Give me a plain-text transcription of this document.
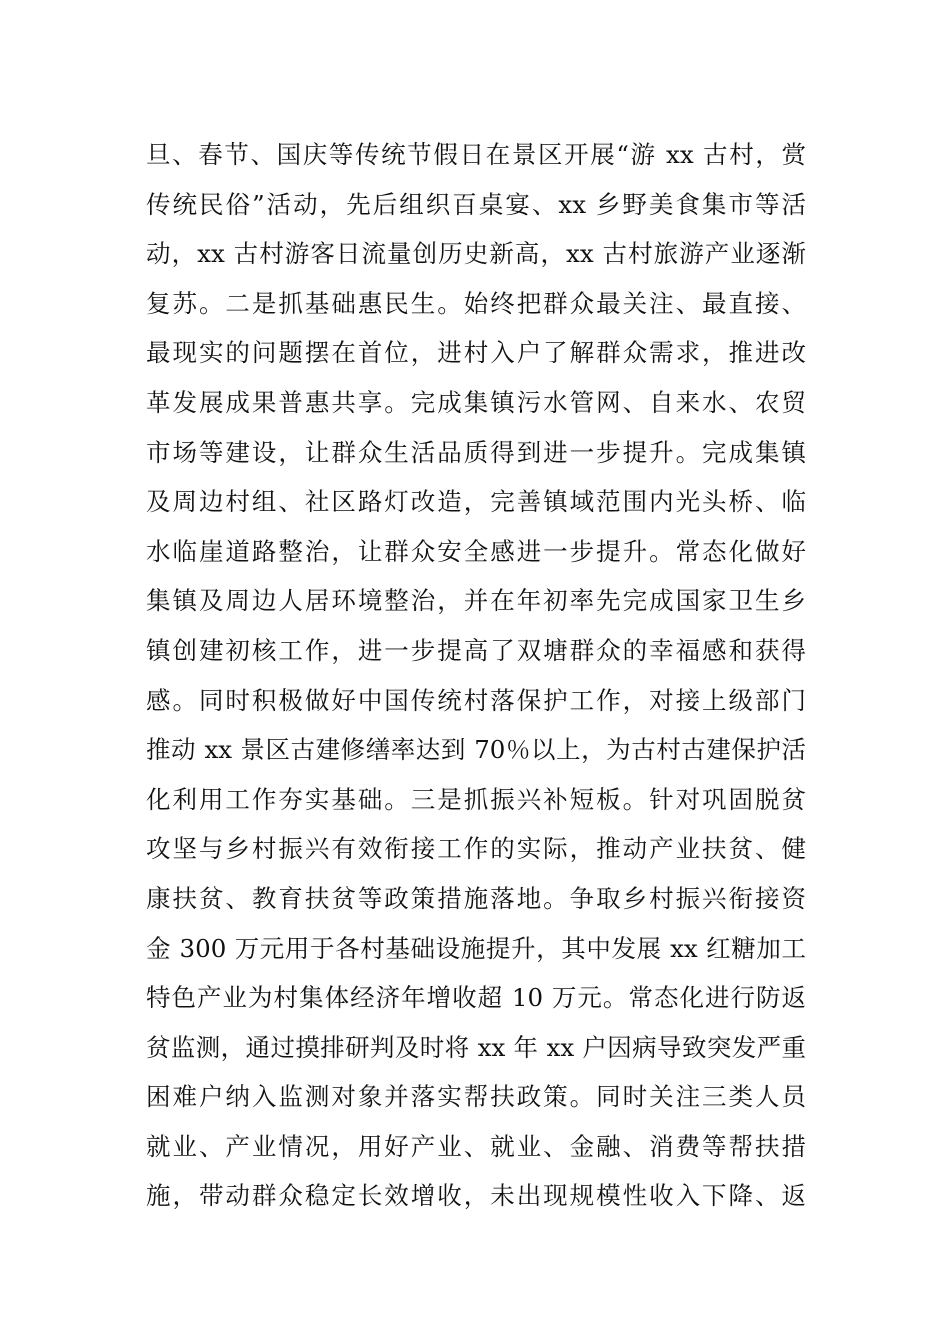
旦、春节、国庆等传统节假日在景区开展“游 xx 古村，赏
传统民俗”活动，先后组织百桌宴、xx 乡野美食集市等活
动，xx 古村游客日流量创历史新高，xx 古村旅游产业逐渐
复苏。二是抓基础惠民生。始终把群众最关注、最直接、
最现实的问题摆在首位，进村入户了解群众需求，推进改
革发展成果普惠共享。完成集镇污水管网、自来水、农贸
市场等建设，让群众生活品质得到进一步提升。完成集镇
及周边村组、社区路灯改造，完善镇域范围内光头桥、临
水临崖道路整治，让群众安全感进一步提升。常态化做好
集镇及周边人居环境整治，并在年初率先完成国家卫生乡
镇创建初核工作，进一步提高了双塘群众的幸福感和获得
感。同时积极做好中国传统村落保护工作，对接上级部门
推动 xx 景区古建修缮率达到 70％以上，为古村古建保护活
化利用工作夯实基础。三是抓振兴补短板。针对巩固脱贫
攻坚与乡村振兴有效衔接工作的实际，推动产业扶贫、健
康扶贫、教育扶贫等政策措施落地。争取乡村振兴衔接资
金 300 万元用于各村基础设施提升，其中发展 xx 红糖加工
特色产业为村集体经济年增收超 10 万元。常态化进行防返
贫监测，通过摸排研判及时将 xx 年 xx 户因病导致突发严重
困难户纳入监测对象并落实帮扶政策。同时关注三类人员
就业、产业情况，用好产业、就业、金融、消费等帮扶措
施，带动群众稳定长效增收，未出现规模性收入下降、返
